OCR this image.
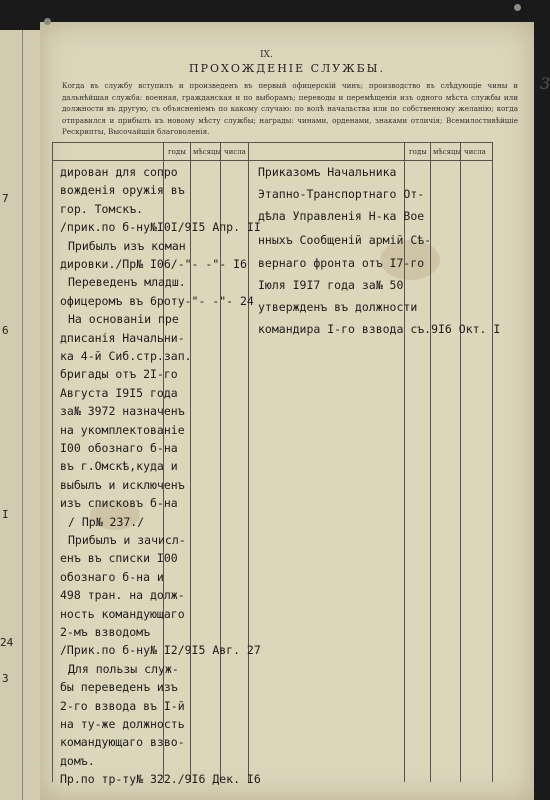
7
6
I
24
3
IX.
ПРОХОЖДЕНІЕ СЛУЖБЫ.
Когда въ службу вступилъ и произведенъ въ первый офицерскій чинъ; производство въ слѣдующіе чины и дальнѣйшая служба: военная, гражданская и по выборамъ; переводы и перемѣщенія изъ одного мѣста службы или должности въ другую, съ объясненіемъ по какому случаю: по волѣ начальства или по собственному желанію; когда отправился и прибылъ къ новому мѣсту службы; награды: чинами, орденами, знаками отличія; Всемилостивѣйшіе Рескрипты, Высочайшія благоволенія.
3
годы мѣсяцы числа	годы мѣсяцы числа
дирован для сопро
вожденія оружія въ
гор. Томскъ.
/прик.по б-ну№I0I/9I5 Апр. II
Прибылъ изъ коман
дировки./Пр№ I06/-"- -"- I6
Переведенъ младш.
офицеромъ въ 6роту-"- -"- 24
На основаніи пре
дписанія Начальни-
ка 4-й Сиб.стр.зап.
бригады отъ 2I-го
Августа I9I5 года
за№ 3972 назначенъ
на укомплектованіе
I00 обознаго б-на
въ г.Омскѣ,куда и
выбылъ и исключенъ
изъ списковъ б-на
/ Пр№ 237./
Прибылъ и зачисл-
енъ въ списки I00
обознаго б-на и
498 тран. на долж-
ность командующаго
2-мъ взводомъ
/Прик.по б-ну№ I2/9I5 Авг. 27
Для пользы служ-
бы переведенъ изъ
2-го взвода въ I-й
на ту-же должность
командующаго взво-
домъ.
Пр.по тр-ту№ 322./9I6 Дек. I6
Приказомъ Начальника
Этапно-Транспортнаго От-
дѣла Управленія Н-ка Вое
нныхъ Сообщеній армій Сѣ-
вернаго фронта отъ I7-го
Іюля I9I7 года за№ 50
утвержденъ въ должности
командира I-го взвода съ.9I6 Окт. I
